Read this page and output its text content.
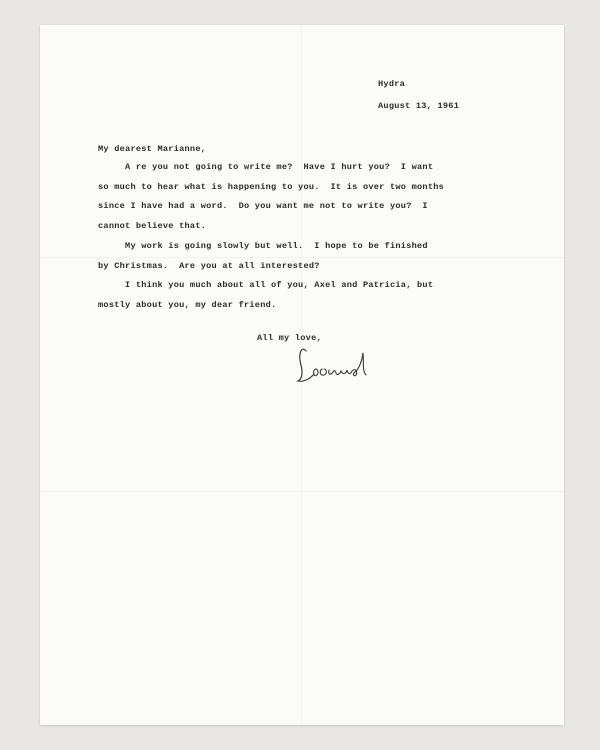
Hydra
August 13, 1961
My dearest Marianne,

A re you not going to write me?  Have I hurt you?  I want

so much to hear what is happening to you.  It is over two months

since I have had a word.  Do you want me not to write you?  I

cannot believe that.

My work is going slowly but well.  I hope to be finished

by Christmas.  Are you at all interested?

I think you much about all of you, Axel and Patricia, but

mostly about you, my dear friend.

All my love,
